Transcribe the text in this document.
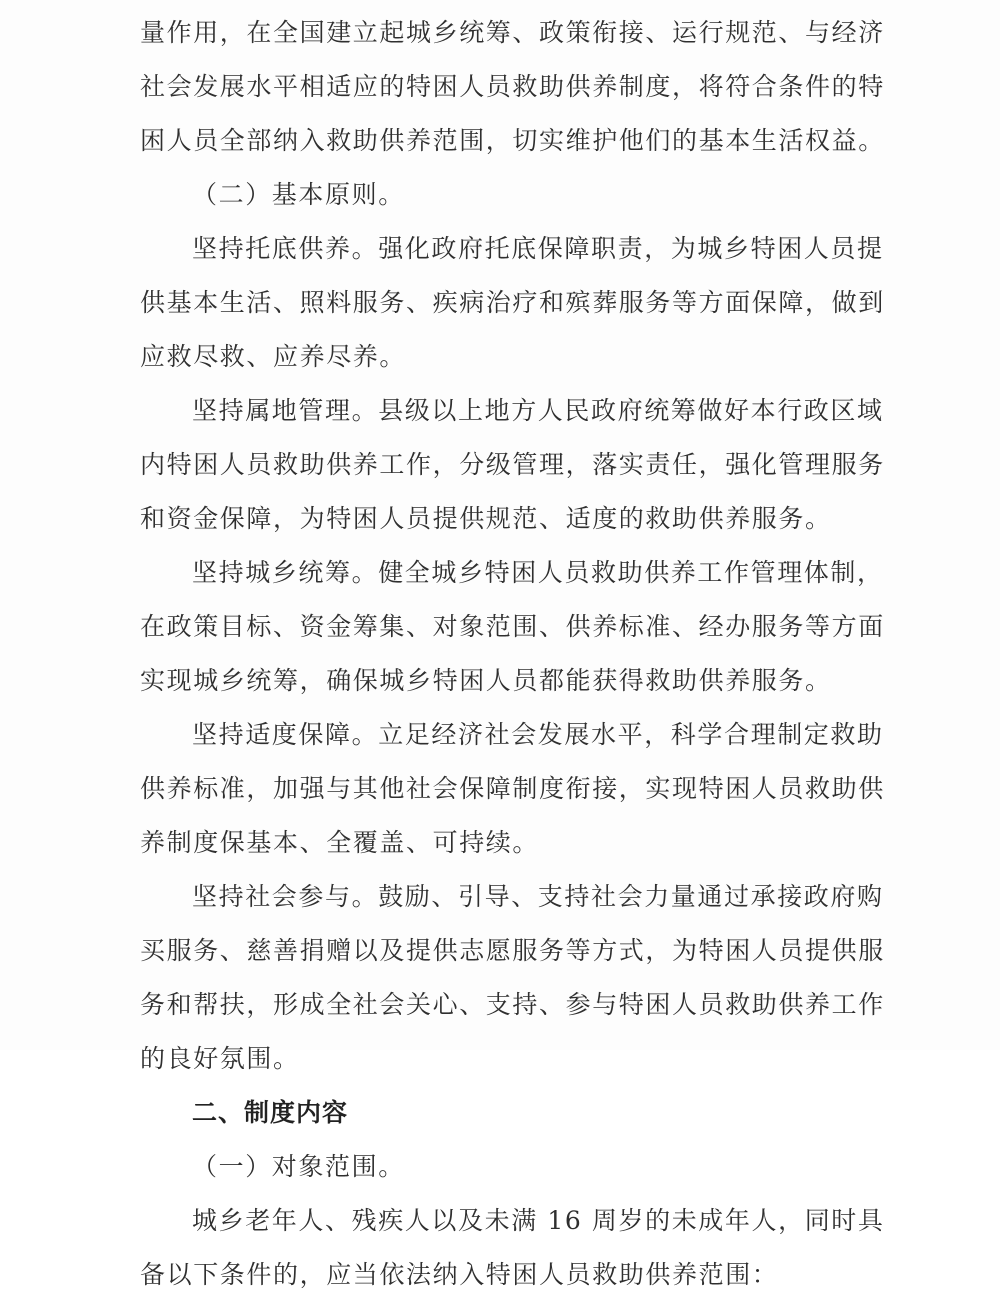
量作用，在全国建立起城乡统筹、政策衔接、运行规范、与经济
社会发展水平相适应的特困人员救助供养制度，将符合条件的特
困人员全部纳入救助供养范围，切实维护他们的基本生活权益。
（二）基本原则。
坚持托底供养。强化政府托底保障职责，为城乡特困人员提
供基本生活、照料服务、疾病治疗和殡葬服务等方面保障，做到
应救尽救、应养尽养。
坚持属地管理。县级以上地方人民政府统筹做好本行政区域
内特困人员救助供养工作，分级管理，落实责任，强化管理服务
和资金保障，为特困人员提供规范、适度的救助供养服务。
坚持城乡统筹。健全城乡特困人员救助供养工作管理体制，
在政策目标、资金筹集、对象范围、供养标准、经办服务等方面
实现城乡统筹，确保城乡特困人员都能获得救助供养服务。
坚持适度保障。立足经济社会发展水平，科学合理制定救助
供养标准，加强与其他社会保障制度衔接，实现特困人员救助供
养制度保基本、全覆盖、可持续。
坚持社会参与。鼓励、引导、支持社会力量通过承接政府购
买服务、慈善捐赠以及提供志愿服务等方式，为特困人员提供服
务和帮扶，形成全社会关心、支持、参与特困人员救助供养工作
的良好氛围。
二、制度内容
（一）对象范围。
城乡老年人、残疾人以及未满 16 周岁的未成年人，同时具
备以下条件的，应当依法纳入特困人员救助供养范围：
